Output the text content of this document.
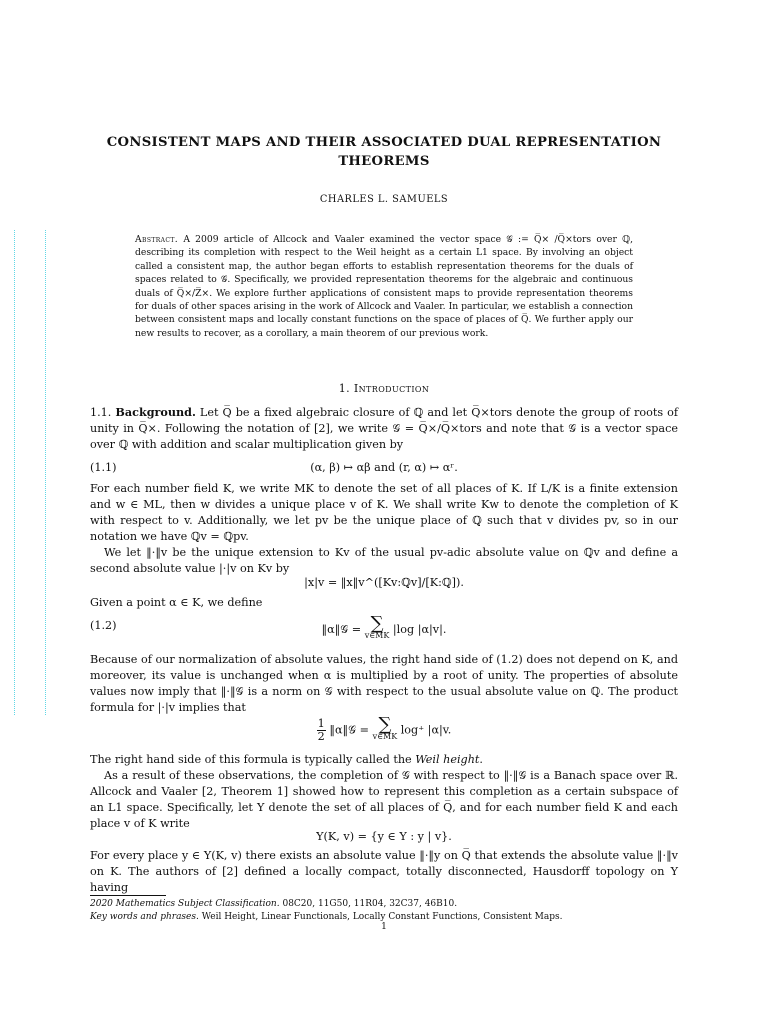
CONSISTENT MAPS AND THEIR ASSOCIATED DUAL REPRESENTATION
THEOREMS
CHARLES L. SAMUELS

Abstract. A 2009 article of Allcock and Vaaler examined the vector space 𝒢 := Q̅× /Q̅×tors over ℚ, describing its completion with respect to the Weil height as a certain L1 space. By involving an object called a consistent map, the author began efforts to establish representation theorems for the duals of spaces related to 𝒢. Specifically, we provided representation theorems for the algebraic and continuous duals of Q̅×/Z̅×. We explore further applications of consistent maps to provide representation theorems for duals of other spaces arising in the work of Allcock and Vaaler. In particular, we establish a connection between consistent maps and locally constant functions on the space of places of Q̅. We further apply our new results to recover, as a corollary, a main theorem of our previous work.

1. Introduction

1.1. Background. Let Q̅ be a fixed algebraic closure of ℚ and let Q̅×tors denote the group of roots of unity in Q̅×. Following the notation of [2], we write 𝒢 = Q̅×/Q̅×tors and note that 𝒢 is a vector space over ℚ with addition and scalar multiplication given by

(1.1)	(α, β) ↦ αβ and (r, α) ↦ αʳ.

For each number field K, we write MK to denote the set of all places of K. If L/K is a finite extension and w ∈ ML, then w divides a unique place v of K. We shall write Kw to denote the completion of K with respect to v. Additionally, we let pv be the unique place of ℚ such that v divides pv, so in our notation we have ℚv = ℚpv.

We let ‖·‖v be the unique extension to Kv of the usual pv-adic absolute value on ℚv and define a second absolute value |·|v on Kv by

|x|v = ‖x‖v^([Kv:ℚv]/[K:ℚ]).

Given a point α ∈ K, we define

(1.2)	‖α‖𝒢 = ∑
v∈MK |log |α|v|.

Because of our normalization of absolute values, the right hand side of (1.2) does not depend on K, and moreover, its value is unchanged when α is multiplied by a root of unity. The properties of absolute values now imply that ‖·‖𝒢 is a norm on 𝒢 with respect to the usual absolute value on ℚ. The product formula for |·|v implies that

$\frac{1}{2}$ ‖α‖𝒢 = ∑
v∈MK log⁺ |α|v.

The right hand side of this formula is typically called the Weil height.

As a result of these observations, the completion of 𝒢 with respect to ‖·‖𝒢 is a Banach space over ℝ. Allcock and Vaaler [2, Theorem 1] showed how to represent this completion as a certain subspace of an L1 space. Specifically, let Y denote the set of all places of Q̅, and for each number field K and each place v of K write

Y(K, v) = {y ∈ Y : y | v}.

For every place y ∈ Y(K, v) there exists an absolute value ‖·‖y on Q̅ that extends the absolute value ‖·‖v on K. The authors of [2] defined a locally compact, totally disconnected, Hausdorff topology on Y having

2020 Mathematics Subject Classification. 08C20, 11G50, 11R04, 32C37, 46B10.
Key words and phrases. Weil Height, Linear Functionals, Locally Constant Functions, Consistent Maps.
1
